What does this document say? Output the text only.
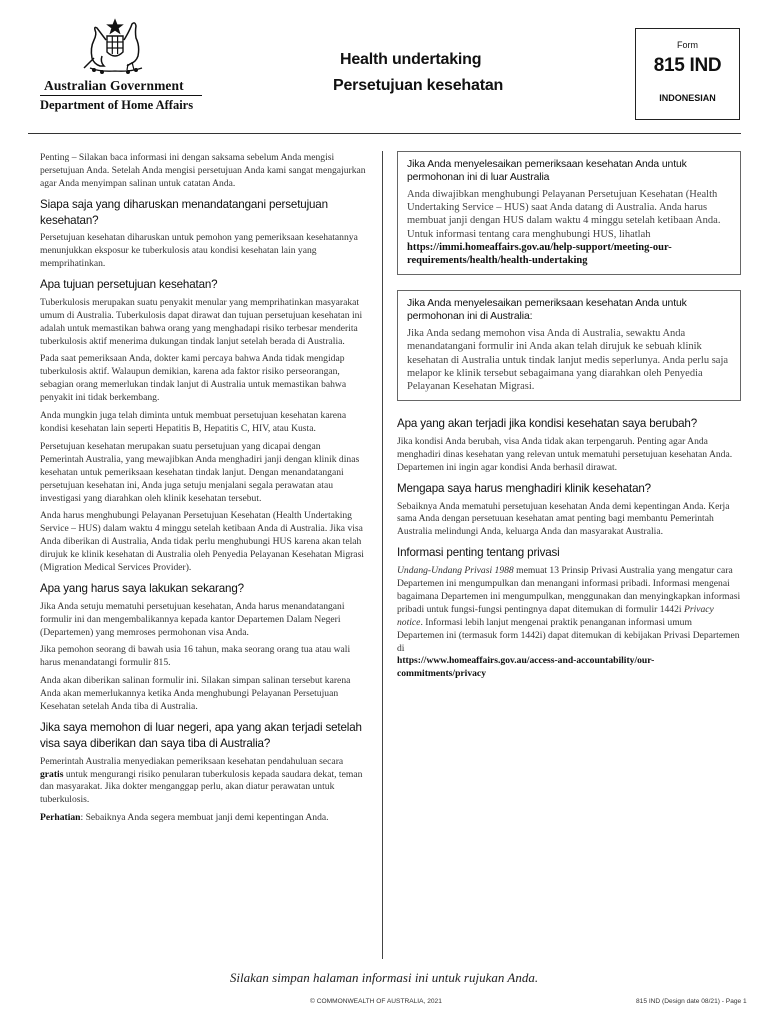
Australian Government
Department of Home Affairs
Health undertaking
Persetujuan kesehatan
Form
815 IND
INDONESIAN

Penting – Silakan baca informasi ini dengan saksama sebelum Anda mengisi persetujuan Anda. Setelah Anda mengisi persetujuan Anda kami sangat mengajurkan agar Anda menyimpan salinan untuk catatan Anda.

Siapa saja yang diharuskan menandatangani persetujuan kesehatan?

Persetujuan kesehatan diharuskan untuk pemohon yang pemeriksaan kesehatannya menunjukkan eksposur ke tuberkulosis atau kondisi kesehatan lain yang memprihatinkan.

Apa tujuan persetujuan kesehatan?

Tuberkulosis merupakan suatu penyakit menular yang memprihatinkan masyarakat umum di Australia. Tuberkulosis dapat dirawat dan tujuan persetujuan kesehatan ini adalah untuk memastikan bahwa orang yang menghadapi risiko terbesar menderita tuberkulosis aktif menerima dukungan tindak lanjut setelah berada di Australia.

Pada saat pemeriksaan Anda, dokter kami percaya bahwa Anda tidak mengidap tuberkulosis aktif. Walaupun demikian, karena ada faktor risiko perseorangan, sebagian orang memerlukan tindak lanjut di Australia untuk memastikan bahwa penyakit ini tidak berkembang.

Anda mungkin juga telah diminta untuk membuat persetujuan kesehatan karena kondisi kesehatan lain seperti Hepatitis B, Hepatitis C, HIV, atau Kusta.

Persetujuan kesehatan merupakan suatu persetujuan yang dicapai dengan Pemerintah Australia, yang mewajibkan Anda menghadiri janji dengan klinik dinas kesehatan untuk pemeriksaan kesehatan tindak lanjut. Dengan menandatangani persetujuan kesehatan ini, Anda juga setuju menjalani segala perawatan atau investigasi yang diarahkan oleh klinik kesehatan tersebut.

Anda harus menghubungi Pelayanan Persetujuan Kesehatan (Health Undertaking Service – HUS) dalam waktu 4 minggu setelah ketibaan Anda di Australia. Jika visa Anda diberikan di Australia, Anda tidak perlu menghubungi HUS karena akan telah dirujuk ke klinik kesehatan di Australia oleh Penyedia Pelayanan Kesehatan Migrasi (Migration Medical Services Provider).

Apa yang harus saya lakukan sekarang?

Jika Anda setuju mematuhi persetujuan kesehatan, Anda harus menandatangani formulir ini dan mengembalikannya kepada kantor Departemen Dalam Negeri (Departemen) yang memroses permohonan visa Anda.

Jika pemohon seorang di bawah usia 16 tahun, maka seorang orang tua atau wali harus menandatangi formulir 815.

Anda akan diberikan salinan formulir ini. Silakan simpan salinan tersebut karena Anda akan memerlukannya ketika Anda menghubungi Pelayanan Persetujuan Kesehatan setelah Anda tiba di Australia.

Jika saya memohon di luar negeri, apa yang akan terjadi setelah visa saya diberikan dan saya tiba di Australia?

Pemerintah Australia menyediakan pemeriksaan kesehatan pendahuluan secara gratis untuk mengurangi risiko penularan tuberkulosis kepada saudara dekat, teman dan masyarakat. Jika dokter menganggap perlu, akan diatur perawatan untuk tuberkulosis.

Perhatian: Sebaiknya Anda segera membuat janji demi kepentingan Anda.

Jika Anda menyelesaikan pemeriksaan kesehatan Anda untuk permohonan ini di luar Australia

Anda diwajibkan menghubungi Pelayanan Persetujuan Kesehatan (Health Undertaking Service – HUS) saat Anda datang di Australia. Anda harus membuat janji dengan HUS dalam waktu 4 minggu setelah ketibaan Anda. Untuk informasi tentang cara menghubungi HUS, lihatlah https://immi.homeaffairs.gov.au/help-support/meeting-our-requirements/health/health-undertaking

Jika Anda menyelesaikan pemeriksaan kesehatan Anda untuk permohonan ini di Australia:

Jika Anda sedang memohon visa Anda di Australia, sewaktu Anda menandatangani formulir ini Anda akan telah dirujuk ke sebuah klinik kesehatan di Australia untuk tindak lanjut medis seperlunya. Anda perlu saja melapor ke klinik tersebut sebagaimana yang diarahkan oleh Penyedia Pelayanan Kesehatan Migrasi.

Apa yang akan terjadi jika kondisi kesehatan saya berubah?

Jika kondisi Anda berubah, visa Anda tidak akan terpengaruh. Penting agar Anda menghadiri dinas kesehatan yang relevan untuk mematuhi persetujuan kesehatan Anda. Departemen ini ingin agar kondisi Anda berhasil dirawat.

Mengapa saya harus menghadiri klinik kesehatan?

Sebaiknya Anda mematuhi persetujuan kesehatan Anda demi kepentingan Anda. Kerja sama Anda dengan persetuuan kesehatan amat penting bagi membantu Pemerintah Australia melindungi Anda, keluarga Anda dan masyarakat Australia.

Informasi penting tentang privasi

Undang-Undang Privasi 1988 memuat 13 Prinsip Privasi Australia yang mengatur cara Departemen ini mengumpulkan dan menangani informasi pribadi. Informasi mengenai bagaimana Departemen ini mengumpulkan, menggunakan dan menyingkapkan informasi pribadi untuk fungsi-fungsi pentingnya dapat ditemukan di formulir 1442i Privacy notice. Informasi lebih lanjut mengenai praktik penanganan informasi umum Departemen ini (termasuk form 1442i) dapat ditemukan di kebijakan Privasi Departemen di
https://www.homeaffairs.gov.au/access-and-accountability/our-commitments/privacy

Silakan simpan halaman informasi ini untuk rujukan Anda.
© COMMONWEALTH OF AUSTRALIA, 2021	815 IND (Design date 08/21) - Page 1
